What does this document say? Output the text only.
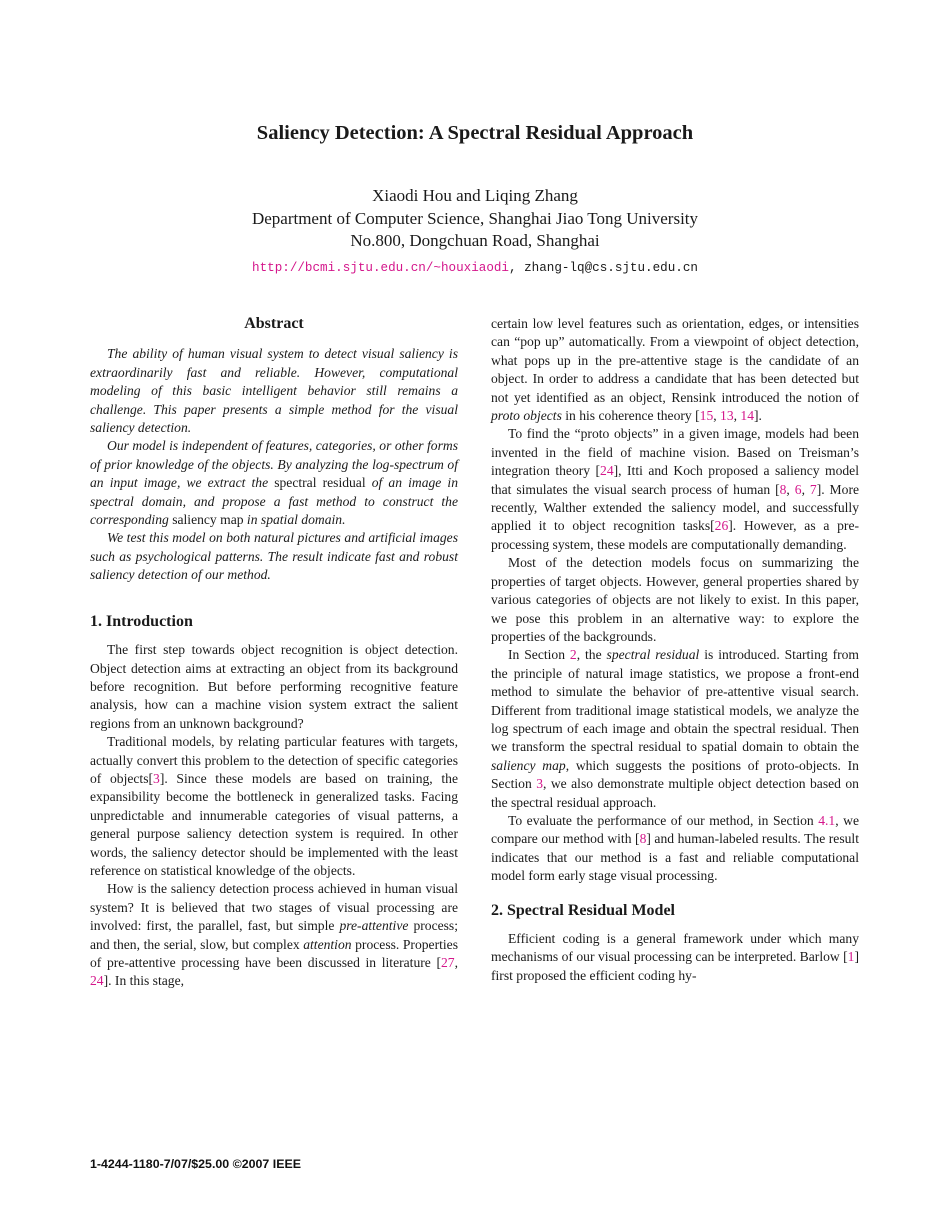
Saliency Detection: A Spectral Residual Approach
Xiaodi Hou and Liqing Zhang
Department of Computer Science, Shanghai Jiao Tong University
No.800, Dongchuan Road, Shanghai
http://bcmi.sjtu.edu.cn/~houxiaodi, zhang-lq@cs.sjtu.edu.cn
Abstract

The ability of human visual system to detect visual saliency is extraordinarily fast and reliable. However, computational modeling of this basic intelligent behavior still remains a challenge. This paper presents a simple method for the visual saliency detection.

Our model is independent of features, categories, or other forms of prior knowledge of the objects. By analyzing the log-spectrum of an input image, we extract the spectral residual of an image in spectral domain, and propose a fast method to construct the corresponding saliency map in spatial domain.

We test this model on both natural pictures and artificial images such as psychological patterns. The result indicate fast and robust saliency detection of our method.

1. Introduction

The first step towards object recognition is object detection. Object detection aims at extracting an object from its background before recognition. But before performing recognitive feature analysis, how can a machine vision system extract the salient regions from an unknown background?

Traditional models, by relating particular features with targets, actually convert this problem to the detection of specific categories of objects[3]. Since these models are based on training, the expansibility become the bottleneck in generalized tasks. Facing unpredictable and innumerable categories of visual patterns, a general purpose saliency detection system is required. In other words, the saliency detector should be implemented with the least reference on statistical knowledge of the objects.

How is the saliency detection process achieved in human visual system? It is believed that two stages of visual processing are involved: first, the parallel, fast, but simple pre-attentive process; and then, the serial, slow, but complex attention process. Properties of pre-attentive processing have been discussed in literature [27, 24]. In this stage,

certain low level features such as orientation, edges, or intensities can “pop up” automatically. From a viewpoint of object detection, what pops up in the pre-attentive stage is the candidate of an object. In order to address a candidate that has been detected but not yet identified as an object, Rensink introduced the notion of proto objects in his coherence theory [15, 13, 14].

To find the “proto objects” in a given image, models had been invented in the field of machine vision. Based on Treisman’s integration theory [24], Itti and Koch proposed a saliency model that simulates the visual search process of human [8, 6, 7]. More recently, Walther extended the saliency model, and successfully applied it to object recognition tasks[26]. However, as a pre-processing system, these models are computationally demanding.

Most of the detection models focus on summarizing the properties of target objects. However, general properties shared by various categories of objects are not likely to exist. In this paper, we pose this problem in an alternative way: to explore the properties of the backgrounds.

In Section 2, the spectral residual is introduced. Starting from the principle of natural image statistics, we propose a front-end method to simulate the behavior of pre-attentive visual search. Different from traditional image statistical models, we analyze the log spectrum of each image and obtain the spectral residual. Then we transform the spectral residual to spatial domain to obtain the saliency map, which suggests the positions of proto-objects. In Section 3, we also demonstrate multiple object detection based on the spectral residual approach.

To evaluate the performance of our method, in Section 4.1, we compare our method with [8] and human-labeled results. The result indicates that our method is a fast and reliable computational model form early stage visual processing.

2. Spectral Residual Model

Efficient coding is a general framework under which many mechanisms of our visual processing can be interpreted. Barlow [1] first proposed the efficient coding hy-

1-4244-1180-7/07/$25.00 ©2007 IEEE
